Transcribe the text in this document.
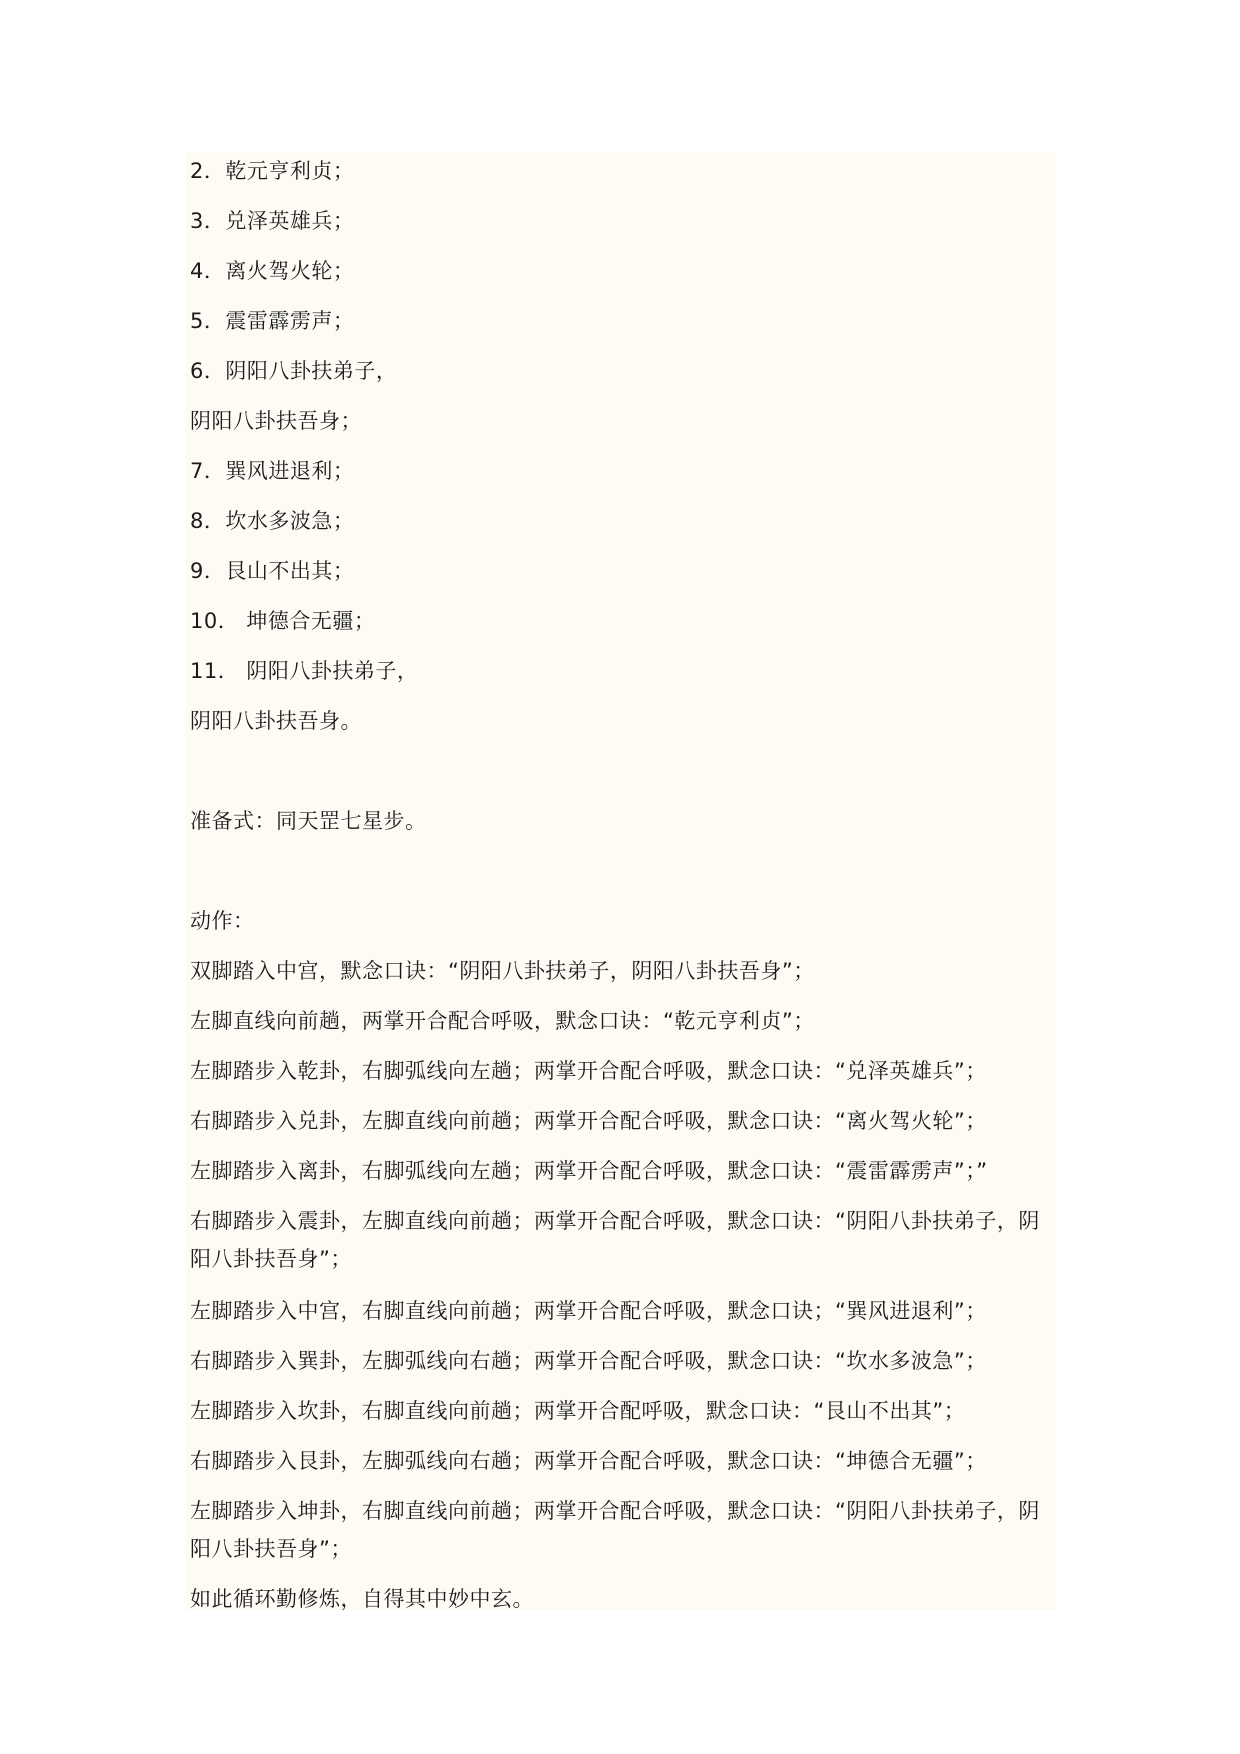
2．乾元亨利贞；
3．兑泽英雄兵；
4．离火驾火轮；
5．震雷霹雳声；
6．阴阳八卦扶弟子，
阴阳八卦扶吾身；
7．巽风进退利；
8．坎水多波急；
9．艮山不出其；
10． 坤德合无疆；
11． 阴阳八卦扶弟子，
阴阳八卦扶吾身。
准备式：同天罡七星步。
动作：
双脚踏入中宫，默念口诀：“阴阳八卦扶弟子，阴阳八卦扶吾身”；
左脚直线向前趟，两掌开合配合呼吸，默念口诀：“乾元亨利贞”；
左脚踏步入乾卦，右脚弧线向左趟；两掌开合配合呼吸，默念口诀：“兑泽英雄兵”；
右脚踏步入兑卦，左脚直线向前趟；两掌开合配合呼吸，默念口诀：“离火驾火轮”；
左脚踏步入离卦，右脚弧线向左趟；两掌开合配合呼吸，默念口诀：“震雷霹雳声”；”
右脚踏步入震卦，左脚直线向前趟；两掌开合配合呼吸，默念口诀：“阴阳八卦扶弟子，阴
阳八卦扶吾身”；
左脚踏步入中宫，右脚直线向前趟；两掌开合配合呼吸，默念口诀；“巽风进退利”；
右脚踏步入巽卦，左脚弧线向右趟；两掌开合配合呼吸，默念口诀：“坎水多波急”；
左脚踏步入坎卦，右脚直线向前趟；两掌开合配呼吸，默念口诀：“艮山不出其”；
右脚踏步入艮卦，左脚弧线向右趟；两掌开合配合呼吸，默念口诀：“坤德合无疆”；
左脚踏步入坤卦，右脚直线向前趟；两掌开合配合呼吸，默念口诀：“阴阳八卦扶弟子，阴
阳八卦扶吾身”；
如此循环勤修炼，自得其中妙中玄。
